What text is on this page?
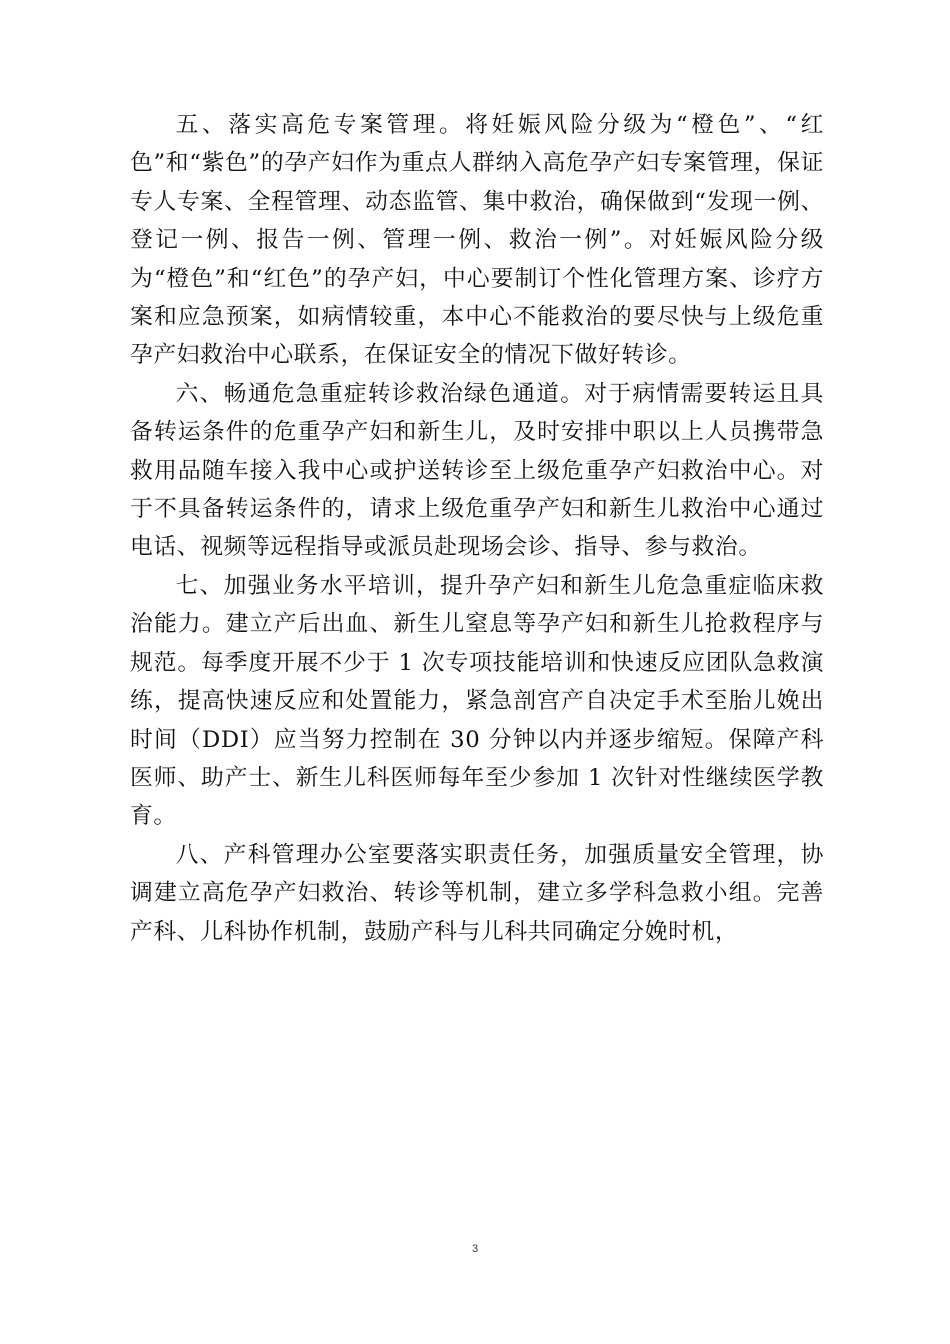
五、落实高危专案管理。将妊娠风险分级为“橙色”、“红色”和“紫色”的孕产妇作为重点人群纳入高危孕产妇专案管理，保证专人专案、全程管理、动态监管、集中救治，确保做到“发现一例、登记一例、报告一例、管理一例、救治一例”。对妊娠风险分级为“橙色”和“红色”的孕产妇，中心要制订个性化管理方案、诊疗方案和应急预案，如病情较重，本中心不能救治的要尽快与上级危重孕产妇救治中心联系，在保证安全的情况下做好转诊。

六、畅通危急重症转诊救治绿色通道。对于病情需要转运且具备转运条件的危重孕产妇和新生儿，及时安排中职以上人员携带急救用品随车接入我中心或护送转诊至上级危重孕产妇救治中心。对于不具备转运条件的，请求上级危重孕产妇和新生儿救治中心通过电话、视频等远程指导或派员赴现场会诊、指导、参与救治。

七、加强业务水平培训，提升孕产妇和新生儿危急重症临床救治能力。建立产后出血、新生儿窒息等孕产妇和新生儿抢救程序与规范。每季度开展不少于 1 次专项技能培训和快速反应团队急救演练，提高快速反应和处置能力，紧急剖宫产自决定手术至胎儿娩出时间（DDI）应当努力控制在 30 分钟以内并逐步缩短。保障产科医师、助产士、新生儿科医师每年至少参加 1 次针对性继续医学教育。

八、产科管理办公室要落实职责任务，加强质量安全管理，协调建立高危孕产妇救治、转诊等机制，建立多学科急救小组。完善产科、儿科协作机制，鼓励产科与儿科共同确定分娩时机，

3
